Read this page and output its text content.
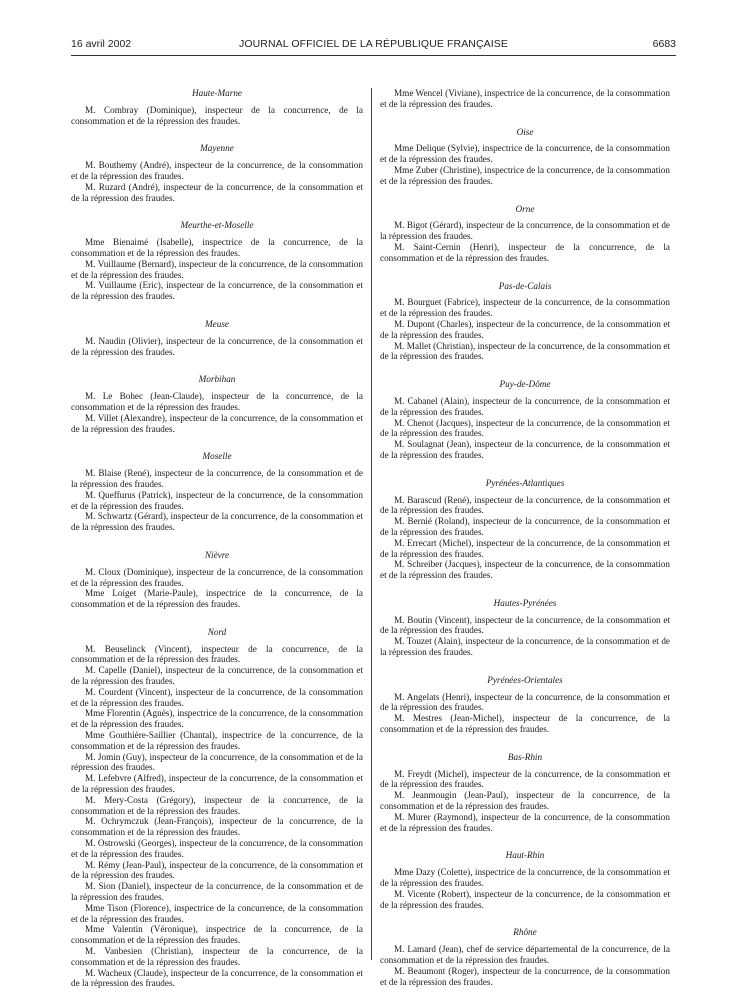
16 avril 2002	JOURNAL OFFICIEL DE LA RÉPUBLIQUE FRANÇAISE	6683
Haute-Marne

M. Combray (Dominique), inspecteur de la concurrence, de la consommation et de la répression des fraudes.

Mayenne

M. Bouthemy (André), inspecteur de la concurrence, de la consommation et de la répression des fraudes.

M. Ruzard (André), inspecteur de la concurrence, de la consommation et de la répression des fraudes.

Meurthe-et-Moselle

Mme Bienaimé (Isabelle), inspectrice de la concurrence, de la consommation et de la répression des fraudes.

M. Vuillaume (Bernard), inspecteur de la concurrence, de la consommation et de la répression des fraudes.

M. Vuillaume (Eric), inspecteur de la concurrence, de la consommation et de la répression des fraudes.

Meuse

M. Naudin (Olivier), inspecteur de la concurrence, de la consommation et de la répression des fraudes.

Morbihan

M. Le Bohec (Jean-Claude), inspecteur de la concurrence, de la consommation et de la répression des fraudes.

M. Villet (Alexandre), inspecteur de la concurrence, de la consommation et de la répression des fraudes.

Moselle

M. Blaise (René), inspecteur de la concurrence, de la consommation et de la répression des fraudes.

M. Queffurus (Patrick), inspecteur de la concurrence, de la consommation et de la répression des fraudes.

M. Schwartz (Gérard), inspecteur de la concurrence, de la consommation et de la répression des fraudes.

Nièvre

M. Cloux (Dominique), inspecteur de la concurrence, de la consommation et de la répression des fraudes.

Mme Loiget (Marie-Paule), inspectrice de la concurrence, de la consommation et de la répression des fraudes.

Nord

M. Beuselinck (Vincent), inspecteur de la concurrence, de la consommation et de la répression des fraudes.

M. Capelle (Daniel), inspecteur de la concurrence, de la consommation et de la répression des fraudes.

M. Courdent (Vincent), inspecteur de la concurrence, de la consommation et de la répression des fraudes.

Mme Florentin (Agnès), inspectrice de la concurrence, de la consommation et de la répression des fraudes.

Mme Gouthière-Saillier (Chantal), inspectrice de la concurrence, de la consommation et de la répression des fraudes.

M. Jomin (Guy), inspecteur de la concurrence, de la consommation et de la répression des fraudes.

M. Lefebvre (Alfred), inspecteur de la concurrence, de la consommation et de la répression des fraudes.

M. Mery-Costa (Grégory), inspecteur de la concurrence, de la consommation et de la répression des fraudes.

M. Ochrymczuk (Jean-François), inspecteur de la concurrence, de la consommation et de la répression des fraudes.

M. Ostrowski (Georges), inspecteur de la concurrence, de la consommation et de la répression des fraudes.

M. Rémy (Jean-Paul), inspecteur de la concurrence, de la consommation et de la répression des fraudes.

M. Sion (Daniel), inspecteur de la concurrence, de la consommation et de la répression des fraudes.

Mme Tison (Florence), inspectrice de la concurrence, de la consommation et de la répression des fraudes.

Mme Valentin (Véronique), inspectrice de la concurrence, de la consommation et de la répression des fraudes.

M. Vanbesien (Christian), inspecteur de la concurrence, de la consommation et de la répression des fraudes.

M. Wacheux (Claude), inspecteur de la concurrence, de la consommation et de la répression des fraudes.

Mme Wencel (Viviane), inspectrice de la concurrence, de la consommation et de la répression des fraudes.

Oise

Mme Delique (Sylvie), inspectrice de la concurrence, de la consommation et de la répression des fraudes.

Mme Zuber (Christine), inspectrice de la concurrence, de la consommation et de la répression des fraudes.

Orne

M. Bigot (Gérard), inspecteur de la concurrence, de la consommation et de la répression des fraudes.

M. Saint-Cernin (Henri), inspecteur de la concurrence, de la consommation et de la répression des fraudes.

Pas-de-Calais

M. Bourguet (Fabrice), inspecteur de la concurrence, de la consommation et de la répression des fraudes.

M. Dupont (Charles), inspecteur de la concurrence, de la consommation et de la répression des fraudes.

M. Mallet (Christian), inspecteur de la concurrence, de la consommation et de la répression des fraudes.

Puy-de-Dôme

M. Cabanel (Alain), inspecteur de la concurrence, de la consommation et de la répression des fraudes.

M. Chenot (Jacques), inspecteur de la concurrence, de la consommation et de la répression des fraudes.

M. Soulagnat (Jean), inspecteur de la concurrence, de la consommation et de la répression des fraudes.

Pyrénées-Atlantiques

M. Barascud (René), inspecteur de la concurrence, de la consommation et de la répression des fraudes.

M. Bernié (Roland), inspecteur de la concurrence, de la consommation et de la répression des fraudes.

M. Errecart (Michel), inspecteur de la concurrence, de la consommation et de la répression des fraudes.

M. Schreiber (Jacques), inspecteur de la concurrence, de la consommation et de la répression des fraudes.

Hautes-Pyrénées

M. Boutin (Vincent), inspecteur de la concurrence, de la consommation et de la répression des fraudes.

M. Touzet (Alain), inspecteur de la concurrence, de la consommation et de la répression des fraudes.

Pyrénées-Orientales

M. Angelats (Henri), inspecteur de la concurrence, de la consommation et de la répression des fraudes.

M. Mestres (Jean-Michel), inspecteur de la concurrence, de la consommation et de la répression des fraudes.

Bas-Rhin

M. Freydt (Michel), inspecteur de la concurrence, de la consommation et de la répression des fraudes.

M. Jeanmougin (Jean-Paul), inspecteur de la concurrence, de la consommation et de la répression des fraudes.

M. Murer (Raymond), inspecteur de la concurrence, de la consommation et de la répression des fraudes.

Haut-Rhin

Mme Dazy (Colette), inspectrice de la concurrence, de la consommation et de la répression des fraudes.

M. Vicente (Robert), inspecteur de la concurrence, de la consommation et de la répression des fraudes.

Rhône

M. Lamard (Jean), chef de service départemental de la concurrence, de la consommation et de la répression des fraudes.

M. Beaumont (Roger), inspecteur de la concurrence, de la consommation et de la répression des fraudes.
